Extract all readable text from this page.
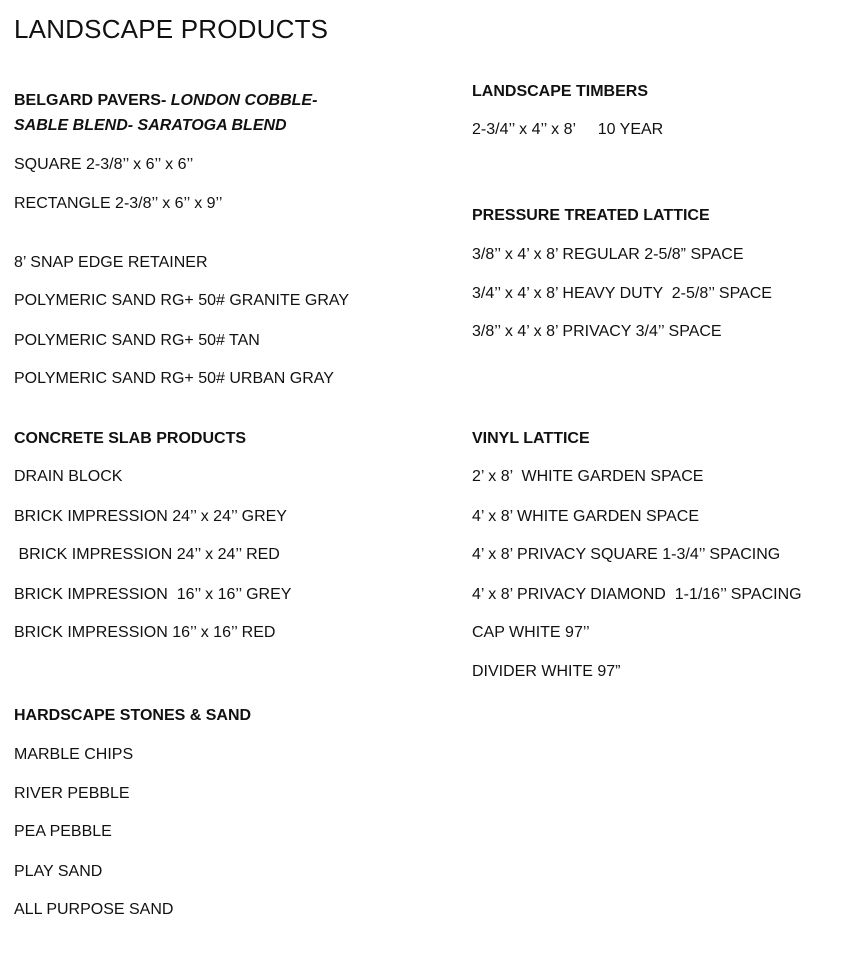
LANDSCAPE PRODUCTS
BELGARD PAVERS- LONDON COBBLE-
SABLE BLEND- SARATOGA BLEND
SQUARE 2-3/8’’ x 6’’ x 6’’
RECTANGLE 2-3/8’’ x 6’’ x 9’’
8’ SNAP EDGE RETAINER
POLYMERIC SAND RG+ 50# GRANITE GRAY
POLYMERIC SAND RG+ 50# TAN
POLYMERIC SAND RG+ 50# URBAN GRAY
CONCRETE SLAB PRODUCTS
DRAIN BLOCK
BRICK IMPRESSION 24’’ x 24’’ GREY
BRICK IMPRESSION 24’’ x 24’’ RED
BRICK IMPRESSION  16’’ x 16’’ GREY
BRICK IMPRESSION 16’’ x 16’’ RED
HARDSCAPE STONES & SAND
MARBLE CHIPS
RIVER PEBBLE
PEA PEBBLE
PLAY SAND
ALL PURPOSE SAND
LANDSCAPE TIMBERS
2-3/4’’ x 4’’ x 8’     10 YEAR
PRESSURE TREATED LATTICE
3/8’’ x 4’ x 8’ REGULAR 2-5/8” SPACE
3/4’’ x 4’ x 8’ HEAVY DUTY  2-5/8’’ SPACE
3/8’’ x 4’ x 8’ PRIVACY 3/4’’ SPACE
VINYL LATTICE
2’ x 8’  WHITE GARDEN SPACE
4’ x 8’ WHITE GARDEN SPACE
4’ x 8’ PRIVACY SQUARE 1-3/4’’ SPACING
4’ x 8’ PRIVACY DIAMOND  1-1/16’’ SPACING
CAP WHITE 97’’
DIVIDER WHITE 97”
